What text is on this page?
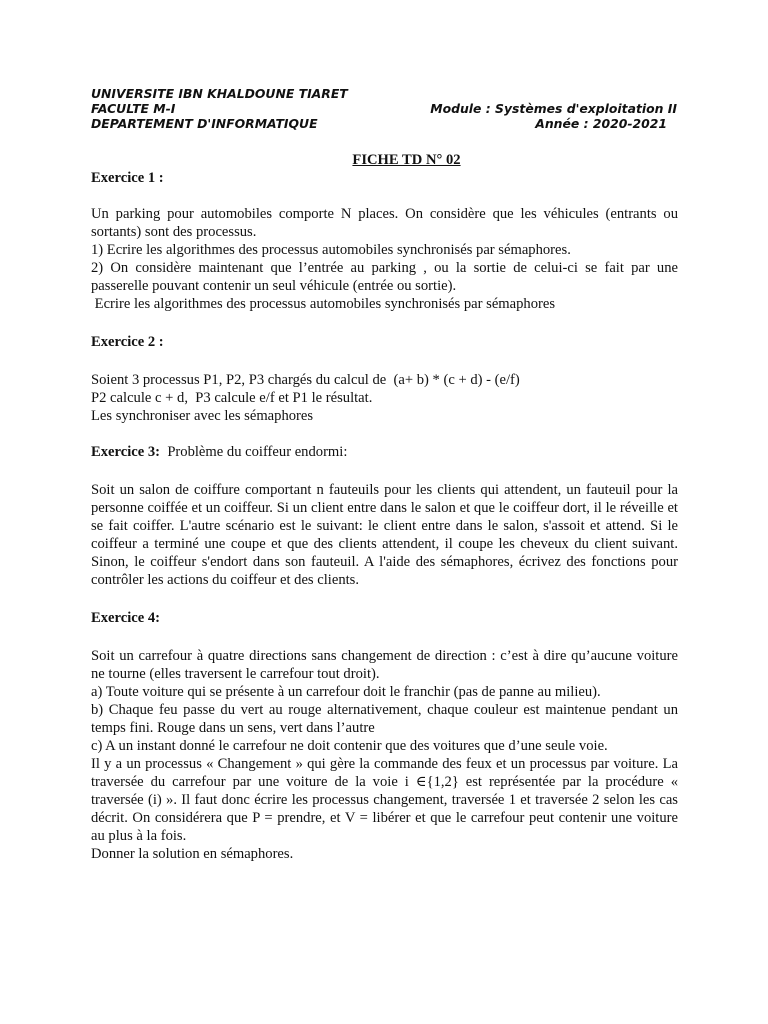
UNIVERSITE IBN KHALDOUNE TIARET
FACULTE M-I	Module : Systèmes d'exploitation II
DEPARTEMENT D'INFORMATIQUE	Année : 2020-2021

FICHE TD N° 02

Exercice 1 :

Un parking pour automobiles comporte N places. On considère que les véhicules (entrants ou sortants) sont des processus.

1) Ecrire les algorithmes des processus automobiles synchronisés par sémaphores.

2) On considère maintenant que l’entrée au parking , ou la sortie de celui-ci se fait par une passerelle pouvant contenir un seul véhicule (entrée ou sortie).

Ecrire les algorithmes des processus automobiles synchronisés par sémaphores

Exercice 2 :

Soient 3 processus P1, P2, P3 chargés du calcul de  (a+ b) * (c + d) - (e/f)

P2 calcule c + d,  P3 calcule e/f et P1 le résultat.

Les synchroniser avec les sémaphores

Exercice 3: Problème du coiffeur endormi:

Soit un salon de coiffure comportant n fauteuils pour les clients qui attendent, un fauteuil pour la personne coiffée et un coiffeur. Si un client entre dans le salon et que le coiffeur dort, il le réveille et se fait coiffer. L'autre scénario est le suivant: le client entre dans le salon, s'assoit et attend. Si le coiffeur a terminé une coupe et que des clients attendent, il coupe les cheveux du client suivant. Sinon, le coiffeur s'endort dans son fauteuil. A l'aide des sémaphores, écrivez des fonctions pour contrôler les actions du coiffeur et des clients.

Exercice 4:

Soit un carrefour à quatre directions sans changement de direction : c’est à dire qu’aucune voiture ne tourne (elles traversent le carrefour tout droit).

a) Toute voiture qui se présente à un carrefour doit le franchir (pas de panne au milieu).

b) Chaque feu passe du vert au rouge alternativement, chaque couleur est maintenue pendant un temps fini. Rouge dans un sens, vert dans l’autre

c) A un instant donné le carrefour ne doit contenir que des voitures que d’une seule voie.

Il y a un processus « Changement » qui gère la commande des feux et un processus par voiture. La traversée du carrefour par une voiture de la voie i ∈{1,2} est représentée par la procédure « traversée (i) ». Il faut donc écrire les processus changement, traversée 1 et traversée 2 selon les cas décrit. On considérera que P = prendre, et V = libérer et que le carrefour peut contenir une voiture au plus à la fois.

Donner la solution en sémaphores.
